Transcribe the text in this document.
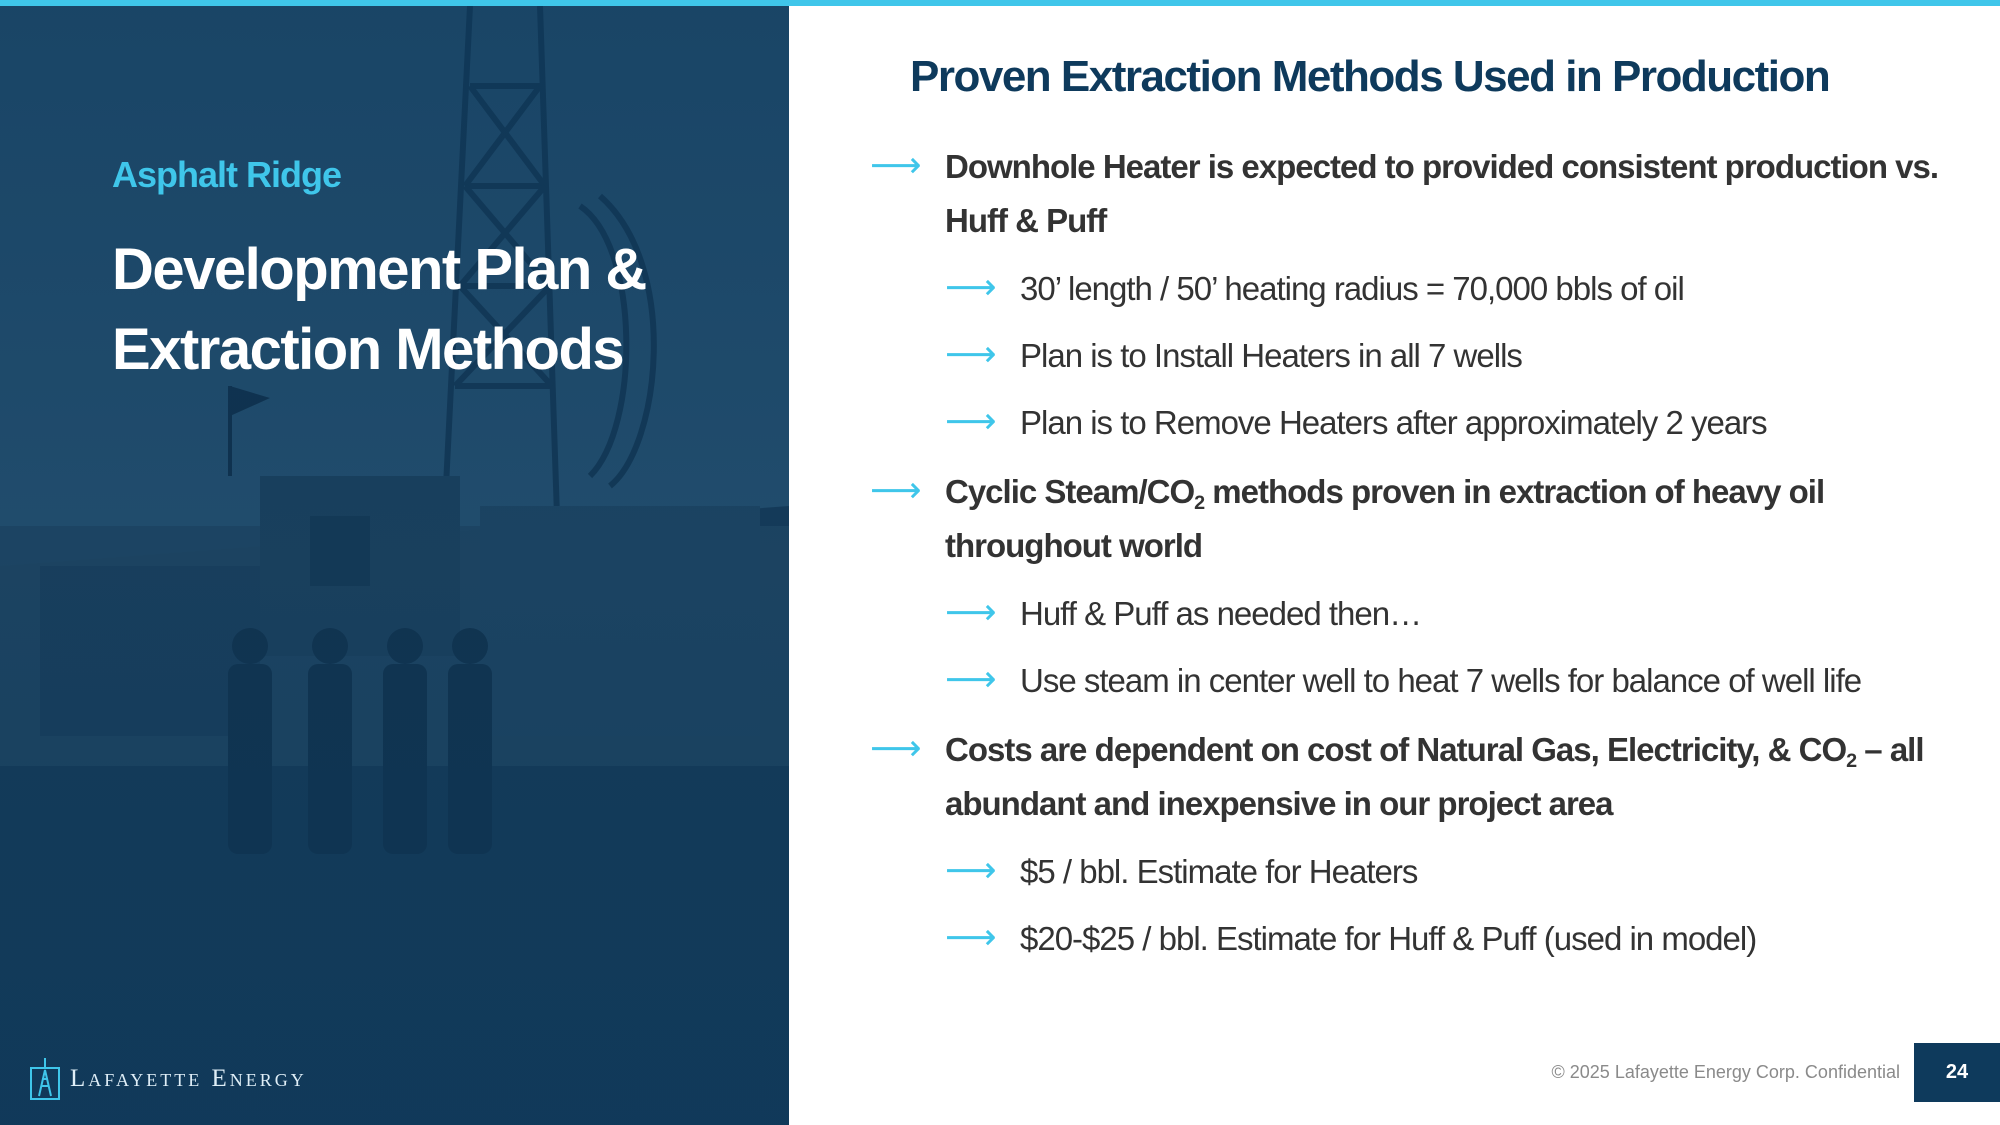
Asphalt Ridge
Development Plan &
Extraction Methods
Lafayette Energy
Proven Extraction Methods Used in Production
⟶ Downhole Heater is expected to provided consistent production vs. Huff & Puff
⟶ 30’ length / 50’ heating radius = 70,000 bbls of oil
⟶ Plan is to Install Heaters in all 7 wells
⟶ Plan is to Remove Heaters after approximately 2 years
⟶ Cyclic Steam/$CO_2$ methods proven in extraction of heavy oil throughout world
⟶ Huff & Puff as needed then…
⟶ Use steam in center well to heat 7 wells for balance of well life
⟶ Costs are dependent on cost of Natural Gas, Electricity, & $CO_2$ – all abundant and inexpensive in our project area
⟶ $5 / bbl. Estimate for Heaters
⟶ $20-$25 / bbl. Estimate for Huff & Puff (used in model)
© 2025 Lafayette Energy Corp. Confidential	24
